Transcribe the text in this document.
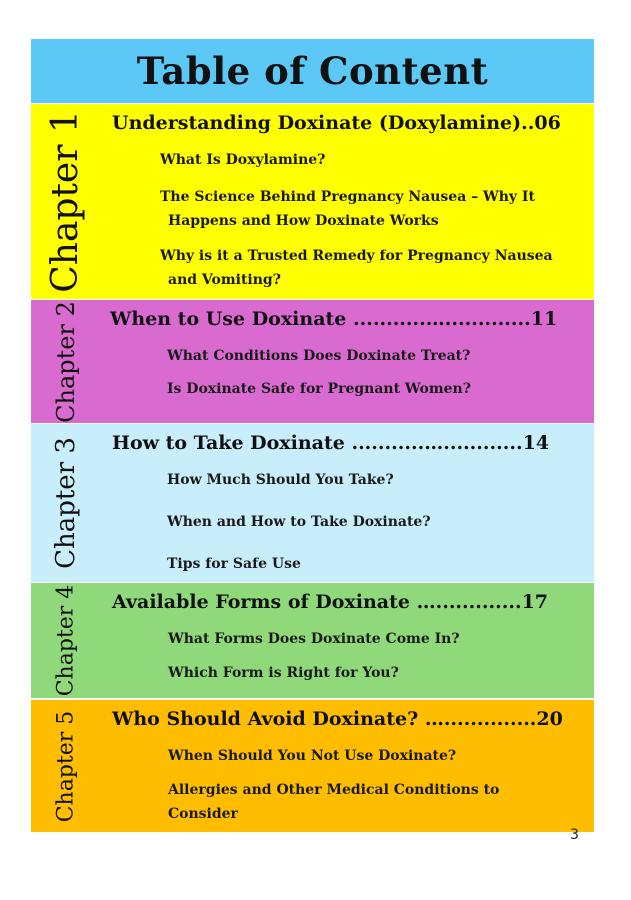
Table of Content
Chapter 1 Understanding Doxinate (Doxylamine)..06
What Is Doxylamine?
The Science Behind Pregnancy Nausea – Why It
Happens and How Doxinate Works
Why is it a Trusted Remedy for Pregnancy Nausea
and Vomiting?
Chapter 2 When to Use Doxinate ...........….............11
What Conditions Does Doxinate Treat?
Is Doxinate Safe for Pregnant Women?
Chapter 3 How to Take Doxinate ...........…............14
How Much Should You Take?
When and How to Take Doxinate?
Tips for Safe Use
Chapter 4 Available Forms of Doxinate ….............17
What Forms Does Doxinate Come In?
Which Form is Right for You?
Chapter 5 Who Should Avoid Doxinate? …..............20
When Should You Not Use Doxinate?
Allergies and Other Medical Conditions to
Consider
3
